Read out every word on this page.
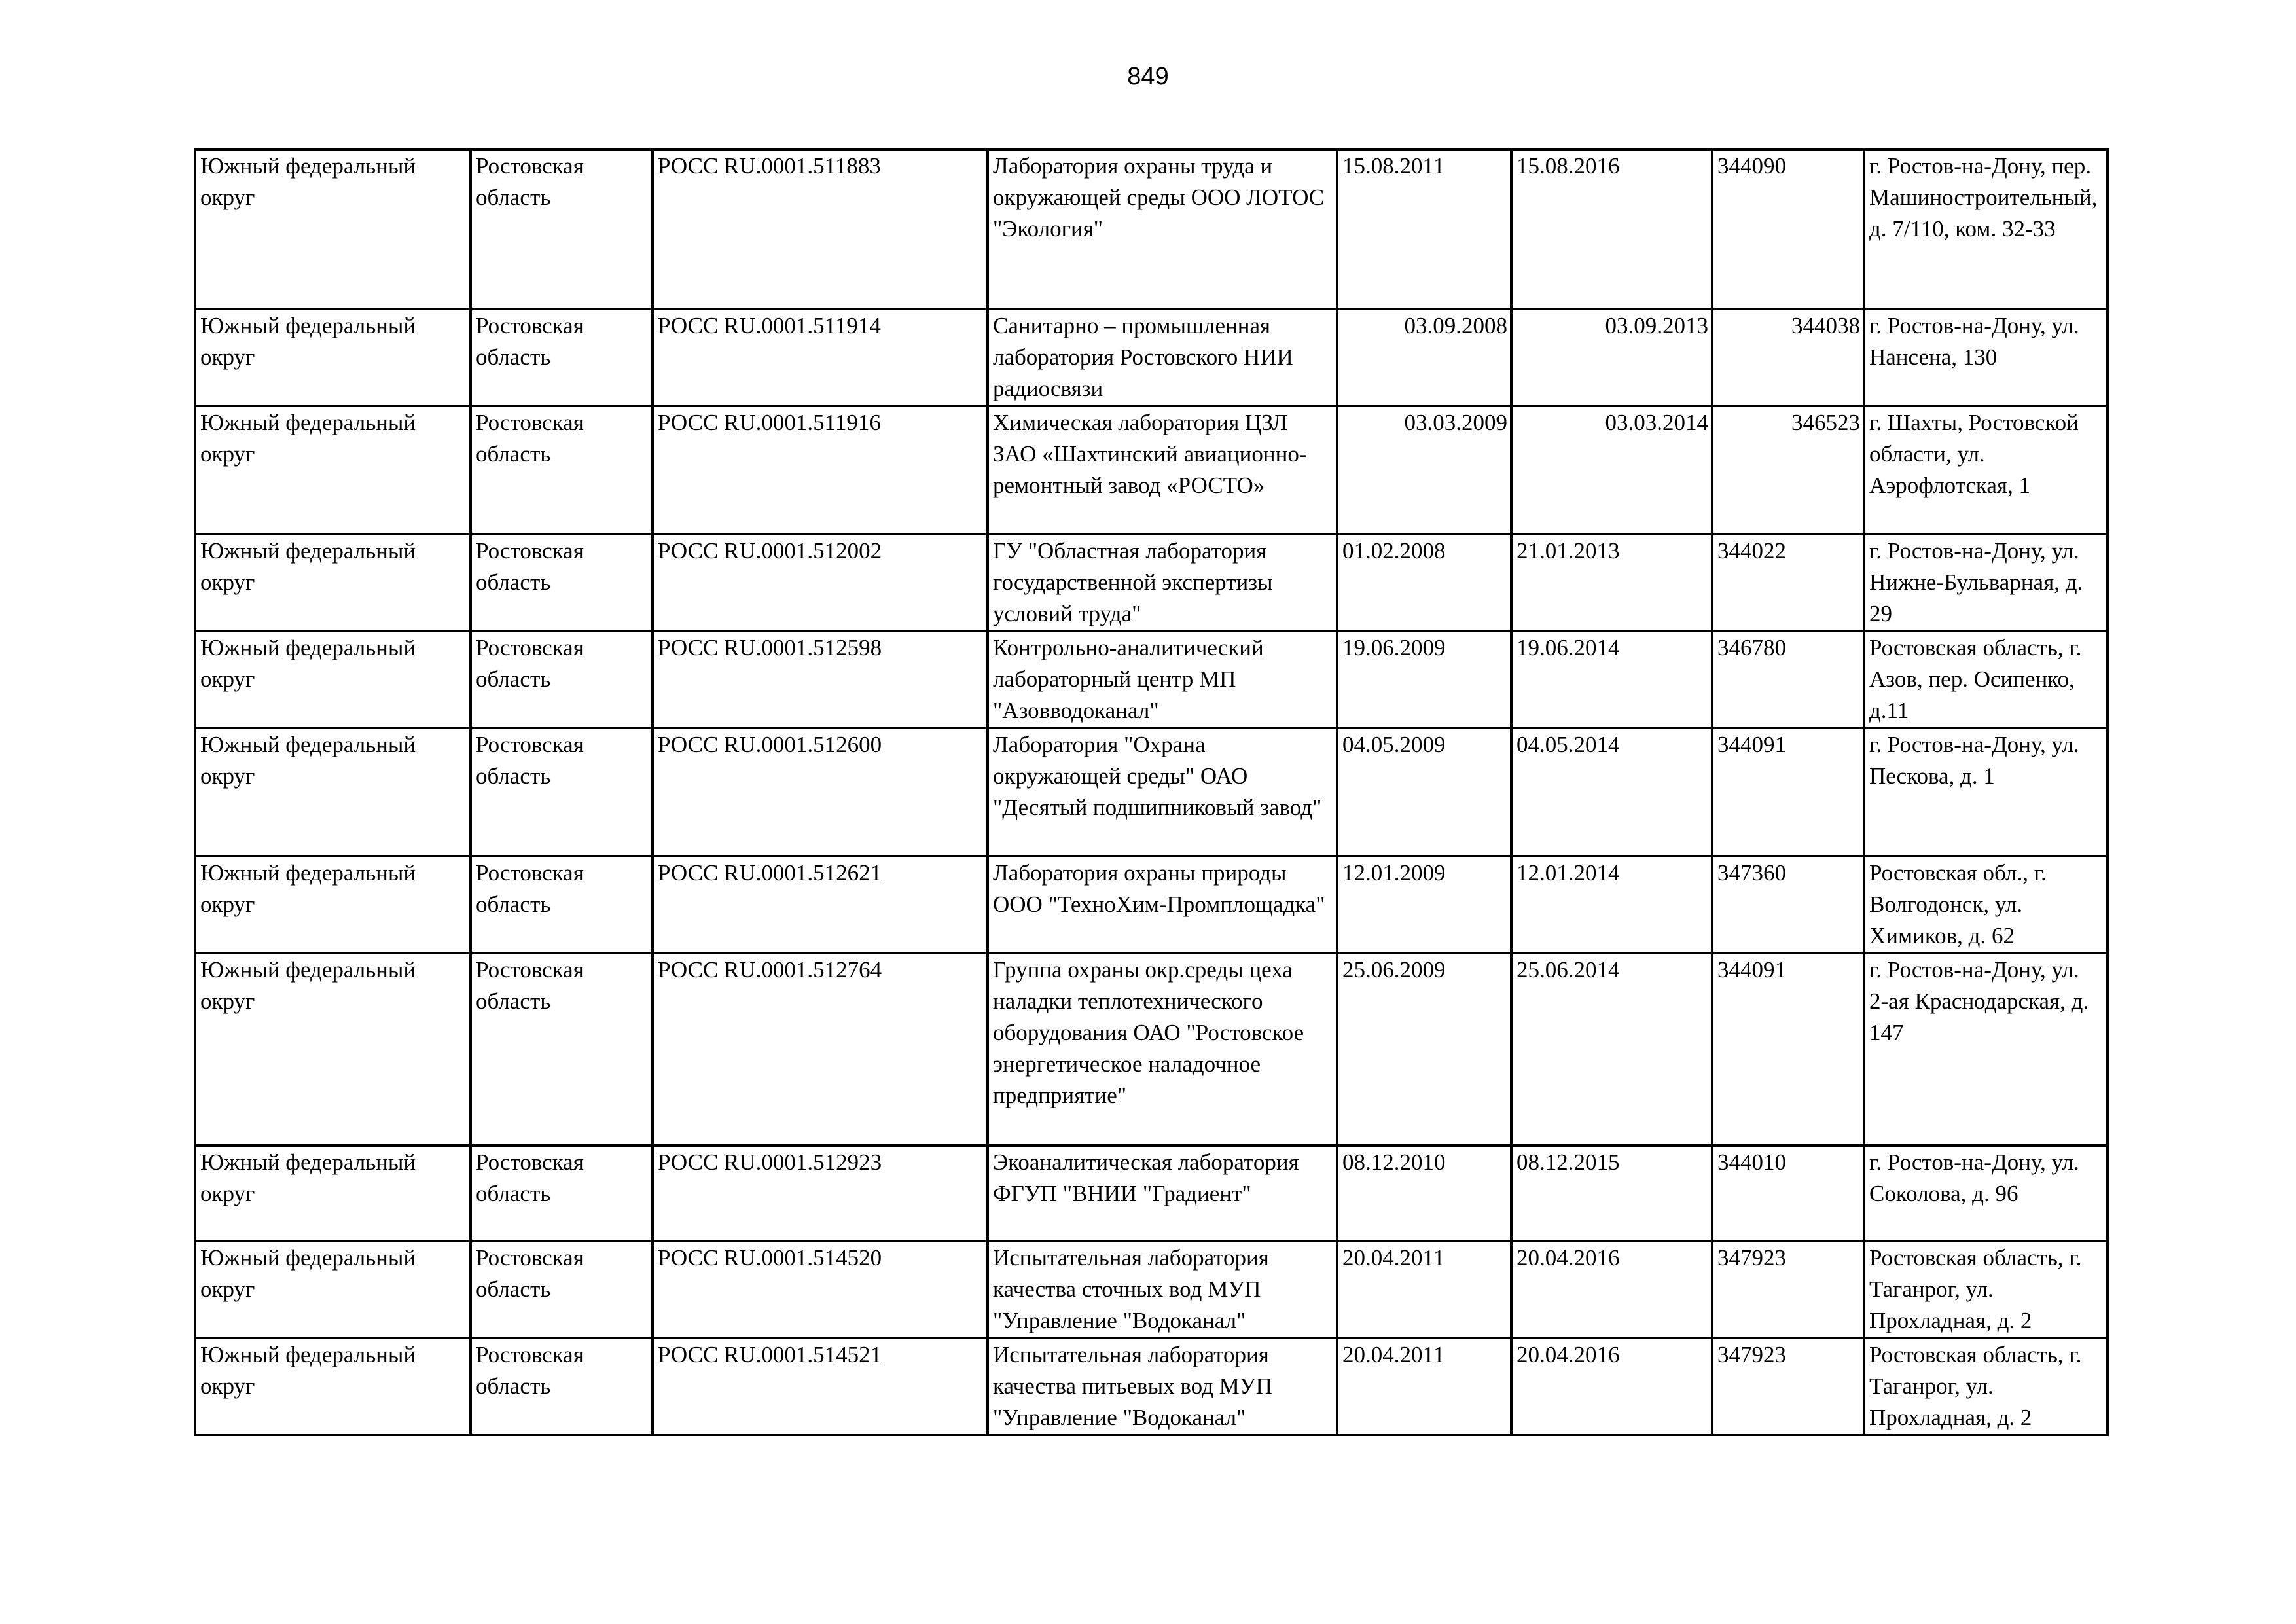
849
Южный федеральный округ	Ростовская область	РОСС RU.0001.511883	Лаборатория охраны труда и окружающей среды ООО ЛОТОС "Экология"	15.08.2011	15.08.2016	344090	г. Ростов-на-Дону, пер. Машиностроительный, д. 7/110, ком. 32-33
Южный федеральный округ	Ростовская область	РОСС RU.0001.511914	Санитарно – промышленная лаборатория Ростовского НИИ радиосвязи	03.09.2008	03.09.2013	344038	г. Ростов-на-Дону, ул. Нансена, 130
Южный федеральный округ	Ростовская область	РОСС RU.0001.511916	Химическая лаборатория ЦЗЛ ЗАО «Шахтинский авиационно-ремонтный завод «РОСТО»	03.03.2009	03.03.2014	346523	г. Шахты, Ростовской области, ул. Аэрофлотская, 1
Южный федеральный округ	Ростовская область	РОСС RU.0001.512002	ГУ "Областная лаборатория государственной экспертизы условий труда"	01.02.2008	21.01.2013	344022	г. Ростов-на-Дону, ул. Нижне-Бульварная, д. 29
Южный федеральный округ	Ростовская область	РОСС RU.0001.512598	Контрольно-аналитический лабораторный центр МП "Азовводоканал"	19.06.2009	19.06.2014	346780	Ростовская область, г. Азов, пер. Осипенко, д.11
Южный федеральный округ	Ростовская область	РОСС RU.0001.512600	Лаборатория "Охрана окружающей среды" ОАО "Десятый подшипниковый завод"	04.05.2009	04.05.2014	344091	г. Ростов-на-Дону, ул. Пескова, д. 1
Южный федеральный округ	Ростовская область	РОСС RU.0001.512621	Лаборатория охраны природы ООО "ТехноХим-Промплощадка"	12.01.2009	12.01.2014	347360	Ростовская обл., г. Волгодонск, ул. Химиков, д. 62
Южный федеральный округ	Ростовская область	РОСС RU.0001.512764	Группа охраны окр.среды цеха наладки теплотехнического оборудования ОАО "Ростовское энергетическое наладочное предприятие"	25.06.2009	25.06.2014	344091	г. Ростов-на-Дону, ул. 2-ая Краснодарская, д. 147
Южный федеральный округ	Ростовская область	РОСС RU.0001.512923	Экоаналитическая лаборатория ФГУП "ВНИИ "Градиент"	08.12.2010	08.12.2015	344010	г. Ростов-на-Дону, ул. Соколова, д. 96
Южный федеральный округ	Ростовская область	РОСС RU.0001.514520	Испытательная лаборатория качества сточных вод МУП "Управление "Водоканал"	20.04.2011	20.04.2016	347923	Ростовская область, г. Таганрог, ул. Прохладная, д. 2
Южный федеральный округ	Ростовская область	РОСС RU.0001.514521	Испытательная лаборатория качества питьевых вод МУП "Управление "Водоканал"	20.04.2011	20.04.2016	347923	Ростовская область, г. Таганрог, ул. Прохладная, д. 2
